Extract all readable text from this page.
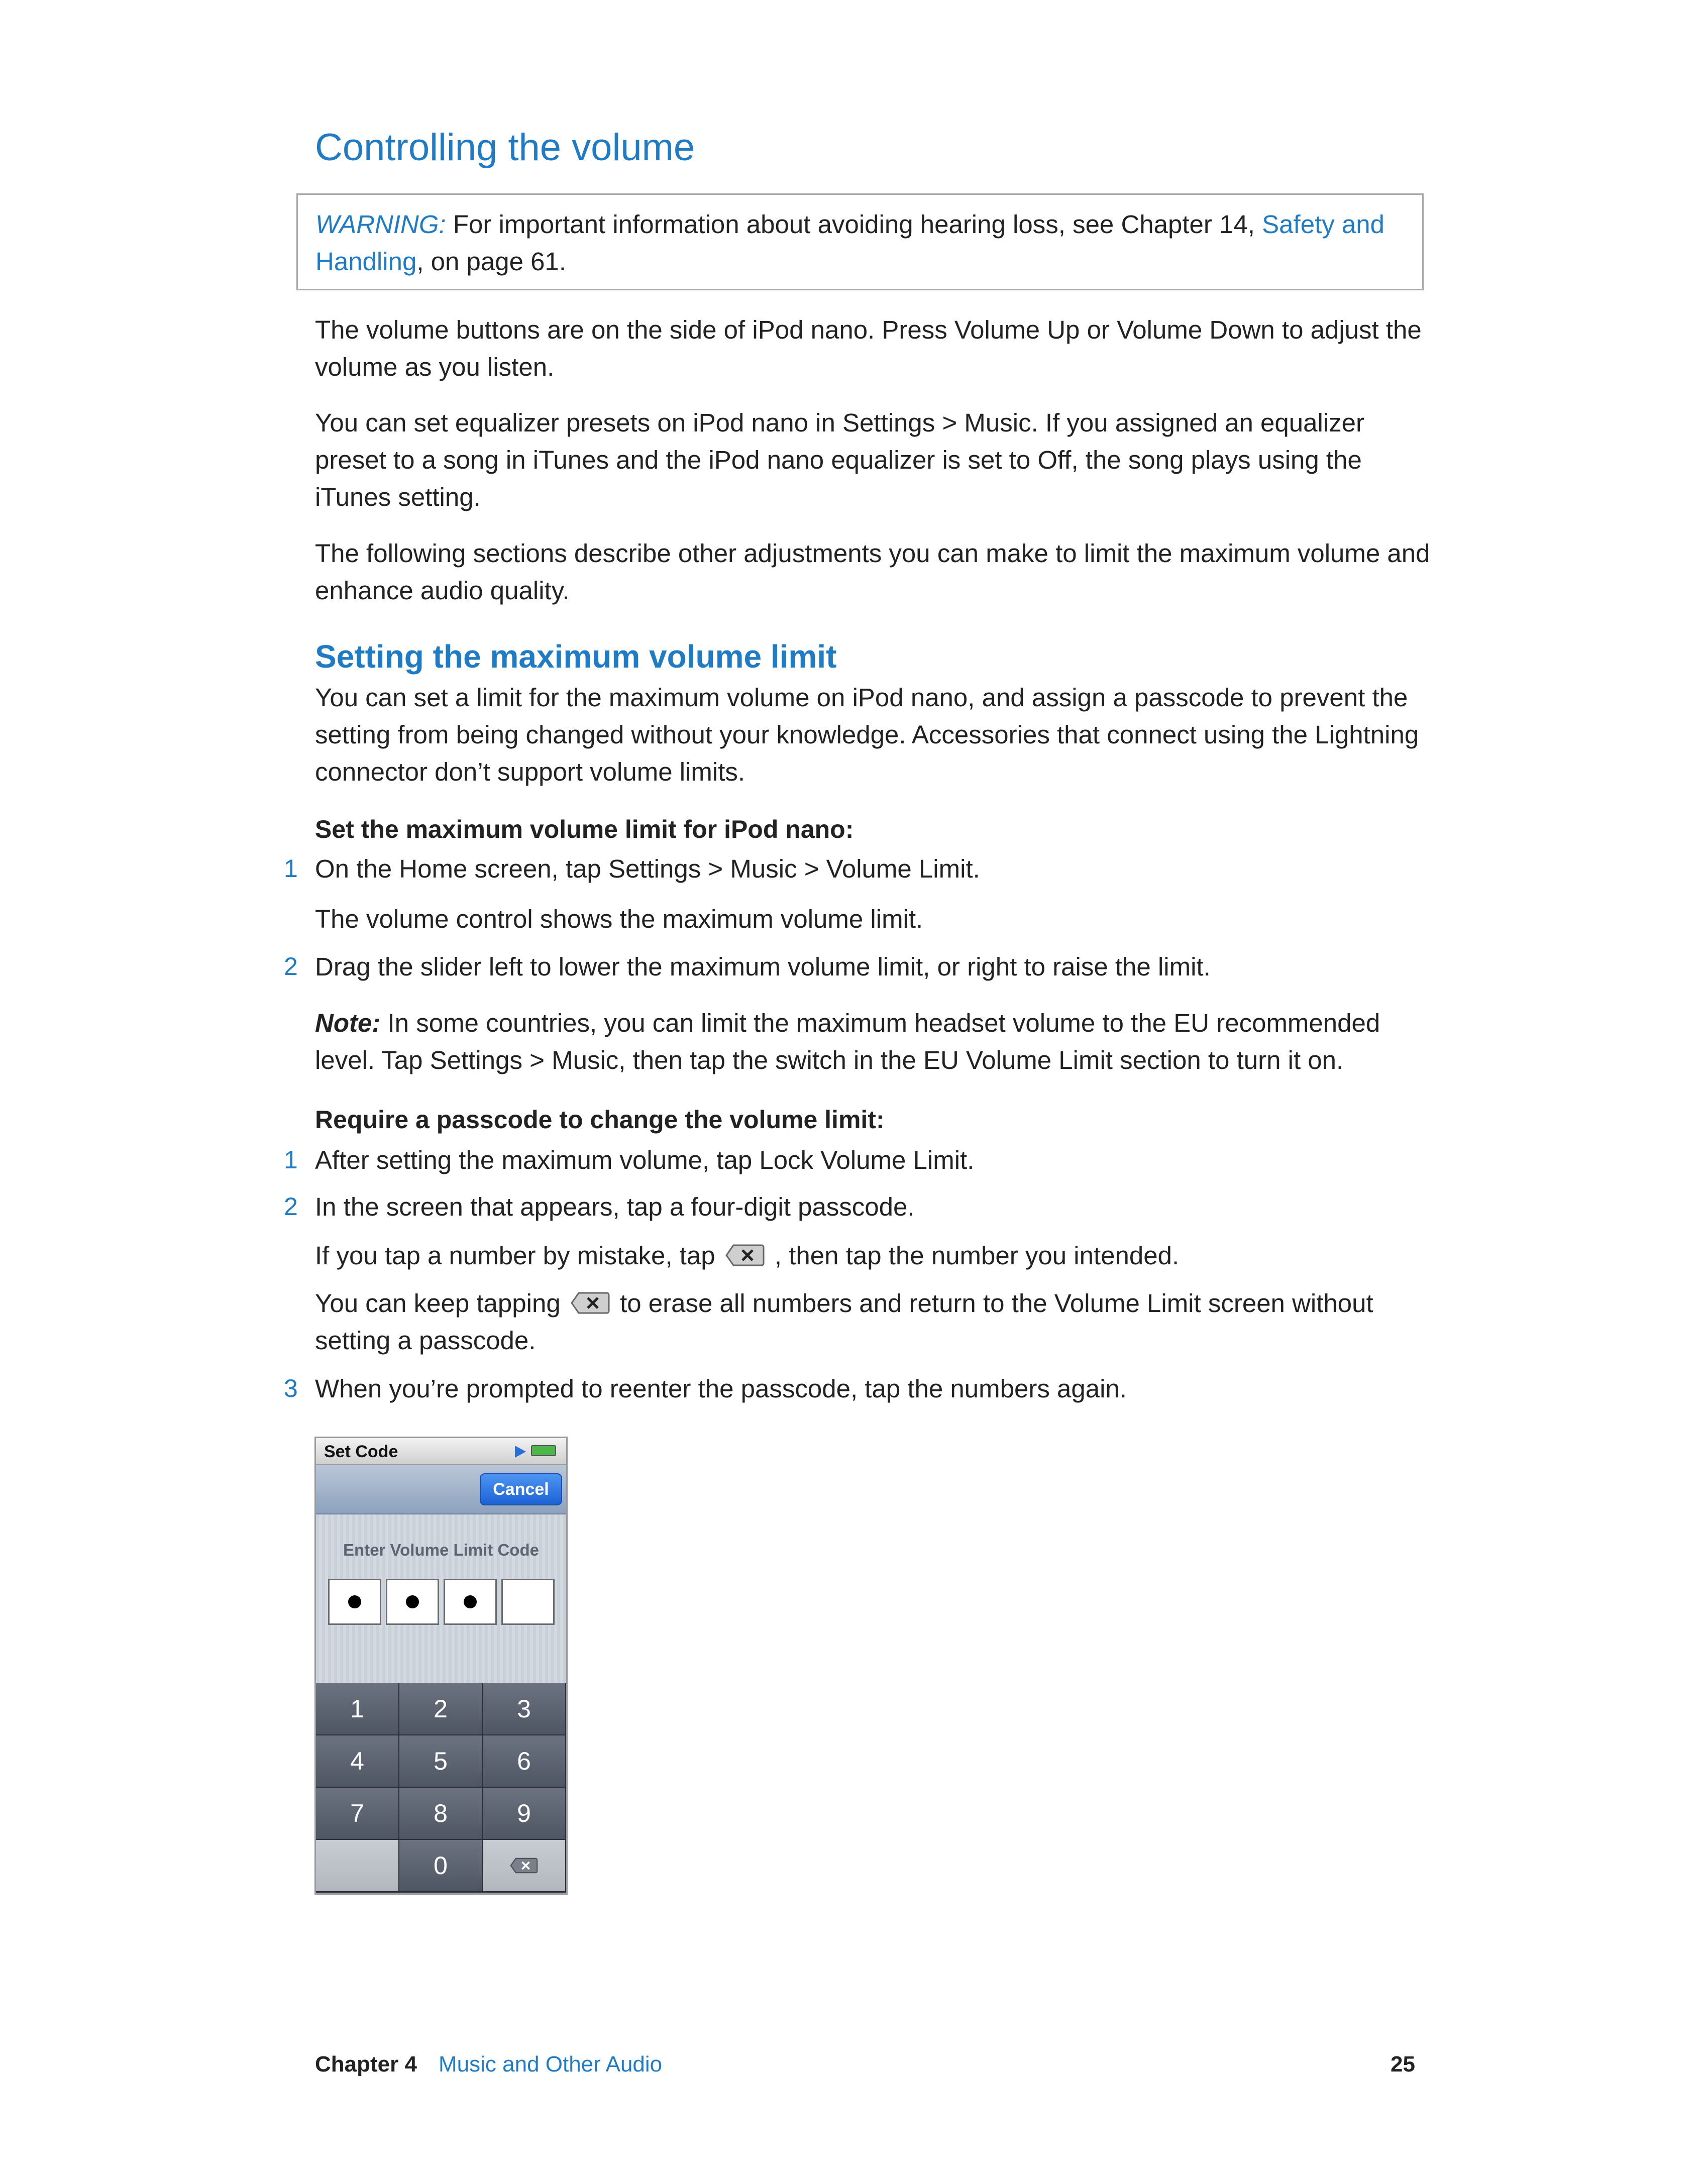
Controlling the volume
WARNING: For important information about avoiding hearing loss, see Chapter 14, Safety and Handling, on page 61.
The volume buttons are on the side of iPod nano. Press Volume Up or Volume Down to adjust the volume as you listen.
You can set equalizer presets on iPod nano in Settings > Music. If you assigned an equalizer preset to a song in iTunes and the iPod nano equalizer is set to Off, the song plays using the iTunes setting.
The following sections describe other adjustments you can make to limit the maximum volume and enhance audio quality.
Setting the maximum volume limit
You can set a limit for the maximum volume on iPod nano, and assign a passcode to prevent the setting from being changed without your knowledge. Accessories that connect using the Lightning connector don’t support volume limits.
Set the maximum volume limit for iPod nano:
1 On the Home screen, tap Settings > Music > Volume Limit.
The volume control shows the maximum volume limit.
2 Drag the slider left to lower the maximum volume limit, or right to raise the limit.
Note: In some countries, you can limit the maximum headset volume to the EU recommended level. Tap Settings > Music, then tap the switch in the EU Volume Limit section to turn it on.
Require a passcode to change the volume limit:
1 After setting the maximum volume, tap Lock Volume Limit.
2 In the screen that appears, tap a four-digit passcode.
If you tap a number by mistake, tap , then tap the number you intended.
You can keep tapping to erase all numbers and return to the Volume Limit screen without setting a passcode.
3 When you’re prompted to reenter the passcode, tap the numbers again.
Set Code
Cancel
Enter Volume Limit Code
1	2	3
4	5	6
7	8	9
0
Chapter 4 Music and Other Audio	25
